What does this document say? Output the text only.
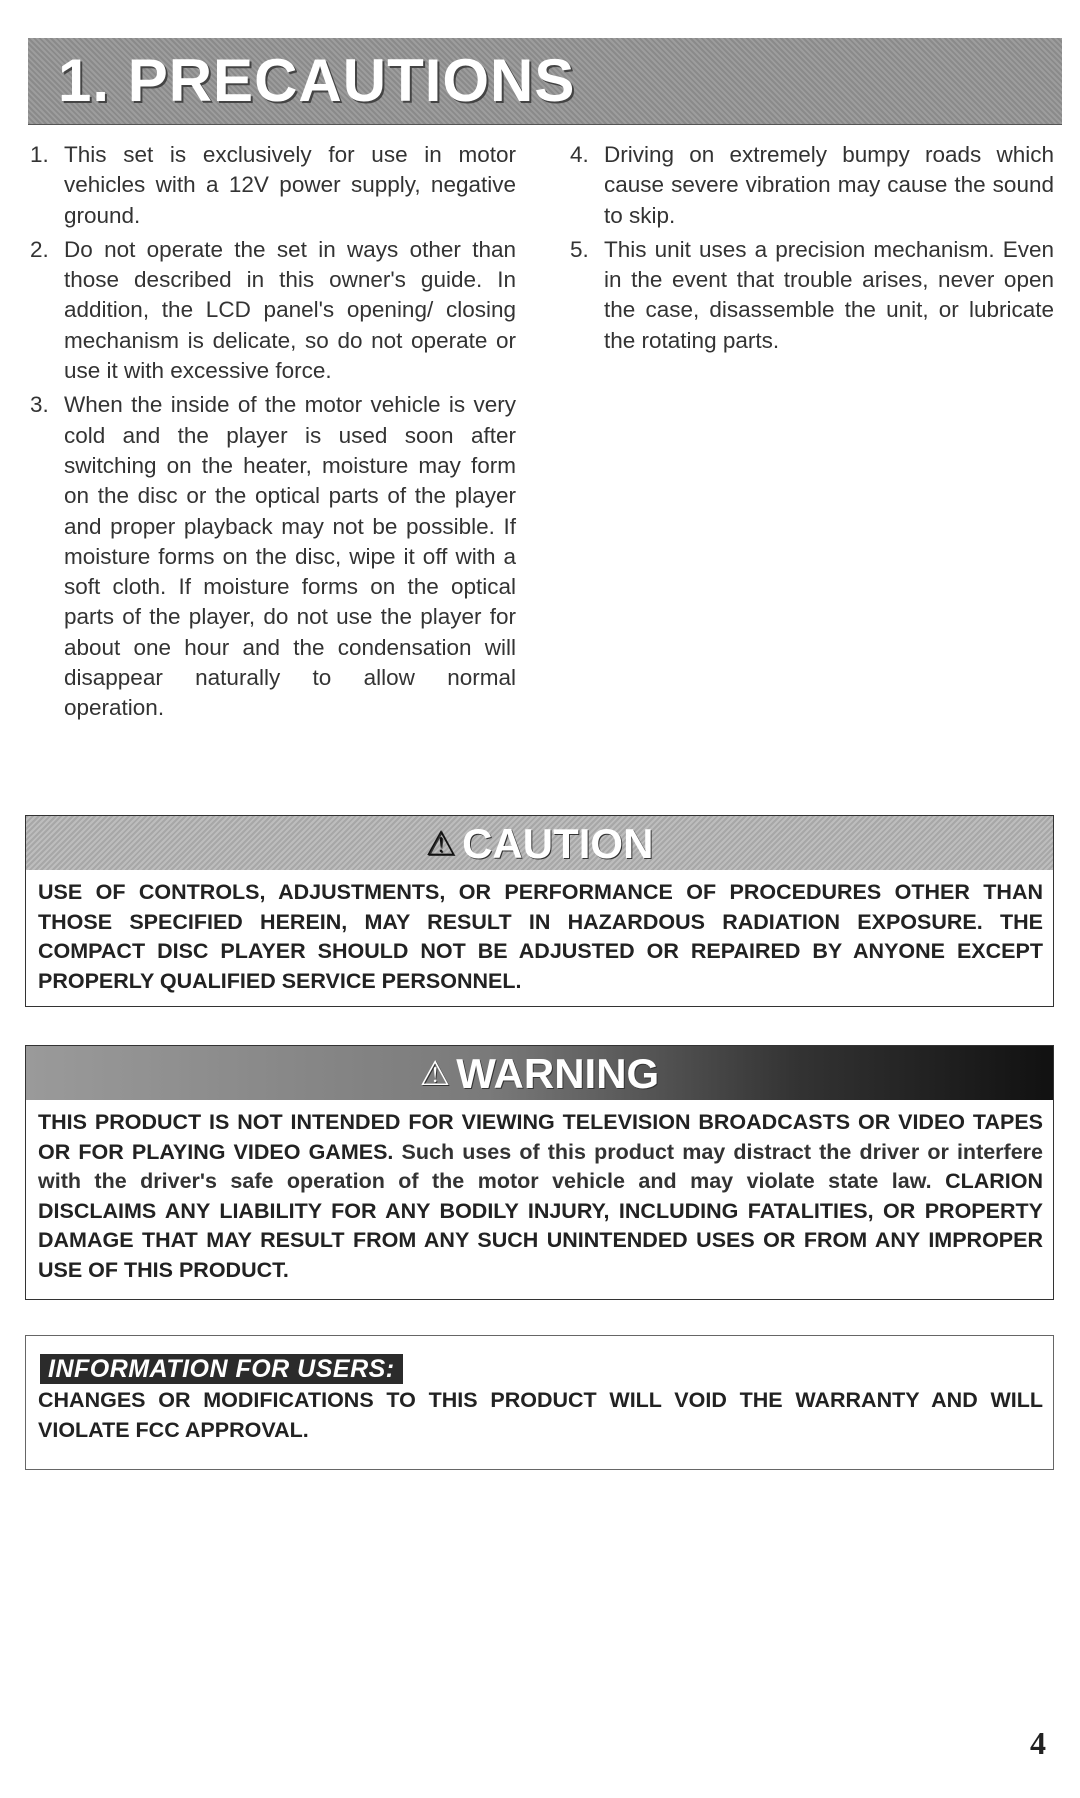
1. PRECAUTIONS
1. This set is exclusively for use in motor vehicles with a 12V power supply, negative ground.
2. Do not operate the set in ways other than those described in this owner's guide. In addition, the LCD panel's opening/ closing mechanism is delicate, so do not operate or use it with excessive force.
3. When the inside of the motor vehicle is very cold and the player is used soon after switching on the heater, moisture may form on the disc or the optical parts of the player and proper playback may not be possible. If moisture forms on the disc, wipe it off with a soft cloth. If moisture forms on the optical parts of the player, do not use the player for about one hour and the condensation will disappear naturally to allow normal operation.
4. Driving on extremely bumpy roads which cause severe vibration may cause the sound to skip.
5. This unit uses a precision mechanism. Even in the event that trouble arises, never open the case, disassemble the unit, or lubricate the rotating parts.
⚠ CAUTION
USE OF CONTROLS, ADJUSTMENTS, OR PERFORMANCE OF PROCEDURES OTHER THAN THOSE SPECIFIED HEREIN, MAY RESULT IN HAZARDOUS RADIATION EXPOSURE. THE COMPACT DISC PLAYER SHOULD NOT BE ADJUSTED OR REPAIRED BY ANYONE EXCEPT PROPERLY QUALIFIED SERVICE PERSONNEL.
⚠ WARNING
THIS PRODUCT IS NOT INTENDED FOR VIEWING TELEVISION BROADCASTS OR VIDEO TAPES OR FOR PLAYING VIDEO GAMES. Such uses of this product may distract the driver or interfere with the driver's safe operation of the motor vehicle and may violate state law. CLARION DISCLAIMS ANY LIABILITY FOR ANY BODILY INJURY, INCLUDING FATALITIES, OR PROPERTY DAMAGE THAT MAY RESULT FROM ANY SUCH UNINTENDED USES OR FROM ANY IMPROPER USE OF THIS PRODUCT.
INFORMATION FOR USERS:
CHANGES OR MODIFICATIONS TO THIS PRODUCT WILL VOID THE WARRANTY AND WILL VIOLATE FCC APPROVAL.
4
